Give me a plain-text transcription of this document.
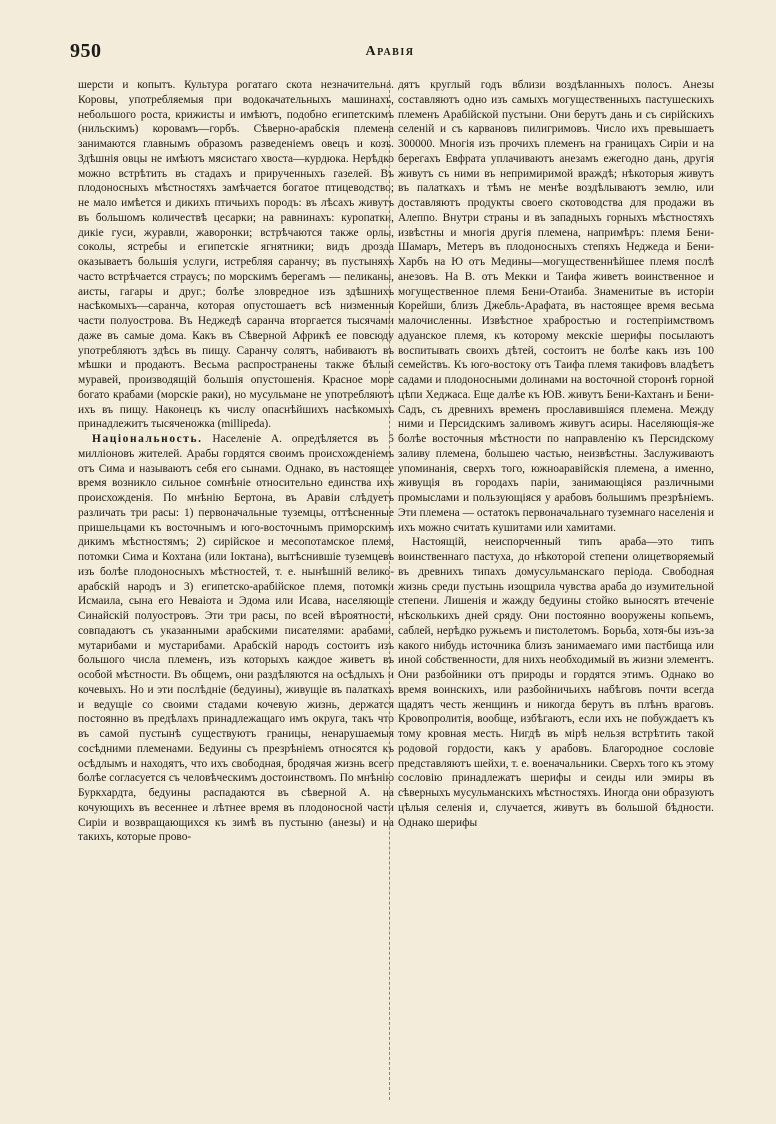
950	Аравія

шерсти и копытъ. Культура рогатаго скота незначительна. Коровы, употребляемыя при водокачательныхъ машинахъ, небольшого роста, крижисты и имѣютъ, подобно египетскимъ (нильскимъ) коровамъ—горбъ. Сѣверно-арабскія племена занимаются главнымъ образомъ разведеніемъ овецъ и козъ. Здѣшнія овцы не имѣютъ мясистаго хвоста—курдюка. Нерѣдко можно встрѣтить въ стадахъ и прирученныхъ газелей. Въ плодоносныхъ мѣстностяхъ замѣчается богатое птицеводство; не мало имѣется и дикихъ птичьихъ породъ: въ лѣсахъ живутъ въ большомъ количествѣ цесарки; на равнинахъ: куропатки, дикіе гуси, журавли, жаворонки; встрѣчаются также орлы, соколы, ястребы и египетскіе ягнятники; видъ дрозда оказываетъ большія услуги, истребляя саранчу; въ пустыняхъ часто встрѣчается страусъ; по морскимъ берегамъ — пеликаны, аисты, гагары и друг.; болѣе зловредное изъ здѣшнихъ насѣкомыхъ—саранча, которая опустошаетъ всѣ низменныя части полуострова. Въ Неджедѣ саранча вторгается тысячами даже въ самые дома. Какъ въ Сѣверной Африкѣ ее повсюду употребляютъ здѣсь въ пищу. Саранчу солятъ, набиваютъ въ мѣшки и продаютъ. Весьма распространены также бѣлый муравей, производящій большія опустошенія. Красное море богато крабами (морскіе раки), но мусульмане не употребляютъ ихъ въ пищу. Наконецъ къ числу опаснѣйшихъ насѣкомыхъ принадлежитъ тысяченожка (millipeda).

Національность. Населеніе А. опредѣляется въ 5 милліоновъ жителей. Арабы гордятся своимъ происхожденіемъ отъ Сима и называютъ себя его сынами. Однако, въ настоящее время возникло сильное сомнѣніе относительно единства ихъ происхожденія. По мнѣнію Бертона, въ Аравіи слѣдуетъ различать три расы: 1) первоначальные туземцы, оттѣсненные пришельцами къ восточнымъ и юго-восточнымъ приморскимъ дикимъ мѣстностямъ; 2) сирійское и месопотамское племя, потомки Сима и Кохтана (или Іоктана), вытѣснившіе туземцевъ изъ болѣе плодоносныхъ мѣстностей, т. е. нынѣшній велико-арабскій народъ и 3) египетско-арабійское племя, потомки Исмаила, сына его Неваіота и Эдома или Исава, населяющіе Синайскій полуостровъ. Эти три расы, по всей вѣроятности, совпадаютъ съ указанными арабскими писателями: арабами, мутарибами и мустарибами. Арабскій народъ состоитъ изъ большого числа племенъ, изъ которыхъ каждое живетъ въ особой мѣстности. Въ общемъ, они раздѣляются на осѣдлыхъ и кочевыхъ. Но и эти послѣдніе (бедуины), живущіе въ палаткахъ и ведущіе со своими стадами кочевую жизнь, держатся постоянно въ предѣлахъ принадлежащаго имъ округа, такъ что въ самой пустынѣ существуютъ границы, ненарушаемыя сосѣдними племенами. Бедуины съ презрѣніемъ относятся къ осѣдлымъ и находятъ, что ихъ свободная, бродячая жизнь всего болѣе согласуется съ человѣческимъ достоинствомъ. По мнѣнію Буркхардта, бедуины распадаются въ сѣверной А. на кочующихъ въ весеннее и лѣтнее время въ плодоносной части Сиріи и возвращающихся къ зимѣ въ пустыню (анезы) и на такихъ, которые прово-

дятъ круглый годъ вблизи воздѣланныхъ полосъ. Анезы составляютъ одно изъ самыхъ могущественныхъ пастушескихъ племенъ Арабійской пустыни. Они берутъ дань и съ сирійскихъ селеній и съ карвановъ пилигримовъ. Число ихъ превышаетъ 300000. Многія изъ прочихъ племенъ на границахъ Сиріи и на берегахъ Евфрата уплачиваютъ анезамъ ежегодно дань, другія живутъ съ ними въ непримиримой враждѣ; нѣкоторыя живутъ въ палаткахъ и тѣмъ не менѣе воздѣлываютъ землю, или доставляютъ продукты своего скотоводства для продажи въ Алеппо. Внутри страны и въ западныхъ горныхъ мѣстностяхъ извѣстны и многія другія племена, напримѣръ: племя Бени-Шамаръ, Метеръ въ плодоносныхъ степяхъ Неджеда и Бени-Харбъ на Ю отъ Медины—могущественнѣйшее племя послѣ анезовъ. На В. отъ Мекки и Таифа живетъ воинственное и могущественное племя Бени-Отаиба. Знаменитые въ исторіи Корейши, близъ Джебль-Арафата, въ настоящее время весьма малочисленны. Извѣстное храбростью и гостепріимствомъ адуанское племя, къ которому мекскіе шерифы посылаютъ воспитывать своихъ дѣтей, состоитъ не болѣе какъ изъ 100 семействъ. Къ юго-востоку отъ Таифа племя такифовъ владѣетъ садами и плодоносными долинами на восточной сторонѣ горной цѣпи Хеджаса. Еще далѣе къ ЮВ. живутъ Бени-Кахтанъ и Бени-Садъ, съ древнихъ временъ прославившіяся племена. Между ними и Персидскимъ заливомъ живутъ асиры. Населяющія-же болѣе восточныя мѣстности по направленію къ Персидскому заливу племена, большею частью, неизвѣстны. Заслуживаютъ упоминанія, сверхъ того, южноаравійскія племена, а именно, живущія въ городахъ паріи, занимающіяся различными промыслами и пользующіяся у арабовъ большимъ презрѣніемъ. Эти племена — остатокъ первоначальнаго туземнаго населенія и ихъ можно считать кушитами или хамитами.

Настоящій, неиспорченный типъ араба—это типъ воинственнаго пастуха, до нѣкоторой степени олицетворяемый въ древнихъ типахъ домусульманскаго періода. Свободная жизнь среди пустынь изощрила чувства араба до изумительной степени. Лишенія и жажду бедуины стойко выносятъ втеченіе нѣсколькихъ дней сряду. Они постоянно вооружены копьемъ, саблей, нерѣдко ружьемъ и пистолетомъ. Борьба, хотя-бы изъ-за какого нибудь источника близъ занимаемаго ими пастбища или иной собственности, для нихъ необходимый въ жизни элементъ. Они разбойники отъ природы и гордятся этимъ. Однако во время воинскихъ, или разбойничьихъ набѣговъ почти всегда щадятъ честь женщинъ и никогда берутъ въ плѣнъ враговъ. Кровопролитія, вообще, избѣгаютъ, если ихъ не побуждаетъ къ тому кровная месть. Нигдѣ въ мірѣ нельзя встрѣтить такой родовой гордости, какъ у арабовъ. Благородное сословіе представляютъ шейхи, т. е. военачальники. Сверхъ того къ этому сословію принадлежатъ шерифы и сеиды или эмиры въ сѣверныхъ мусульманскихъ мѣстностяхъ. Иногда они образуютъ цѣлыя селенія и, случается, живутъ въ большой бѣдности. Однако шерифы
